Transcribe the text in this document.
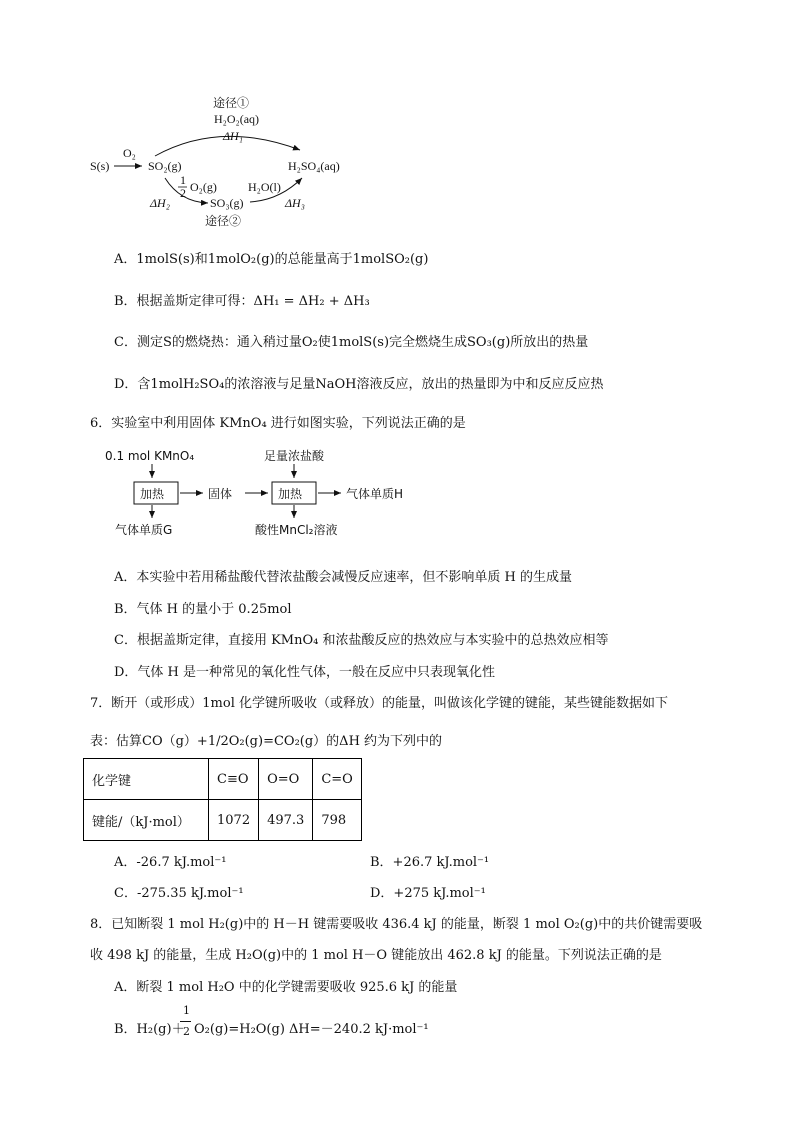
途径①
H₂O₂(aq)
ΔH₁
S(s)
O₂
SO₂(g)	H₂SO₄(aq)
1
2 O₂(g)
ΔH₂	SO₃(g)
H₂O(l)
ΔH₃
途径②
A．1molS(s)和1molO₂(g)的总能量高于1molSO₂(g)
B．根据盖斯定律可得：ΔH₁ = ΔH₂ + ΔH₃
C．测定S的燃烧热：通入稍过量O₂使1molS(s)完全燃烧生成SO₃(g)所放出的热量
D．含1molH₂SO₄的浓溶液与足量NaOH溶液反应，放出的热量即为中和反应反应热
6．实验室中利用固体 KMnO₄ 进行如图实验，下列说法正确的是
0.1 mol KMnO₄
加热	固体
足量浓盐酸
加热	气体单质H
气体单质G	酸性MnCl₂溶液
A．本实验中若用稀盐酸代替浓盐酸会减慢反应速率，但不影响单质 H 的生成量
B．气体 H 的量小于 0.25mol
C．根据盖斯定律，直接用 KMnO₄ 和浓盐酸反应的热效应与本实验中的总热效应相等
D．气体 H 是一种常见的氧化性气体，一般在反应中只表现氧化性
7．断开（或形成）1mol 化学键所吸收（或释放）的能量，叫做该化学键的键能，某些键能数据如下
表：估算CO（g）+1/2O₂(g)=CO₂(g）的ΔH 约为下列中的
化学键	C≡O	O=O	C=O
键能/（kJ·mol）	1072	497.3	798
A．-26.7 kJ.mol⁻¹	B．+26.7 kJ.mol⁻¹
C．-275.35 kJ.mol⁻¹	D．+275 kJ.mol⁻¹
8．已知断裂 1 mol H₂(g)中的 H－H 键需要吸收 436.4 kJ 的能量，断裂 1 mol O₂(g)中的共价键需要吸
收 498 kJ 的能量，生成 H₂O(g)中的 1 mol H－O 键能放出 462.8 kJ 的能量。下列说法正确的是
A．断裂 1 mol H₂O 中的化学键需要吸收 925.6 kJ 的能量
B．H₂(g)＋
1
2 O₂(g)=H₂O(g) ΔH=－240.2 kJ·mol⁻¹
